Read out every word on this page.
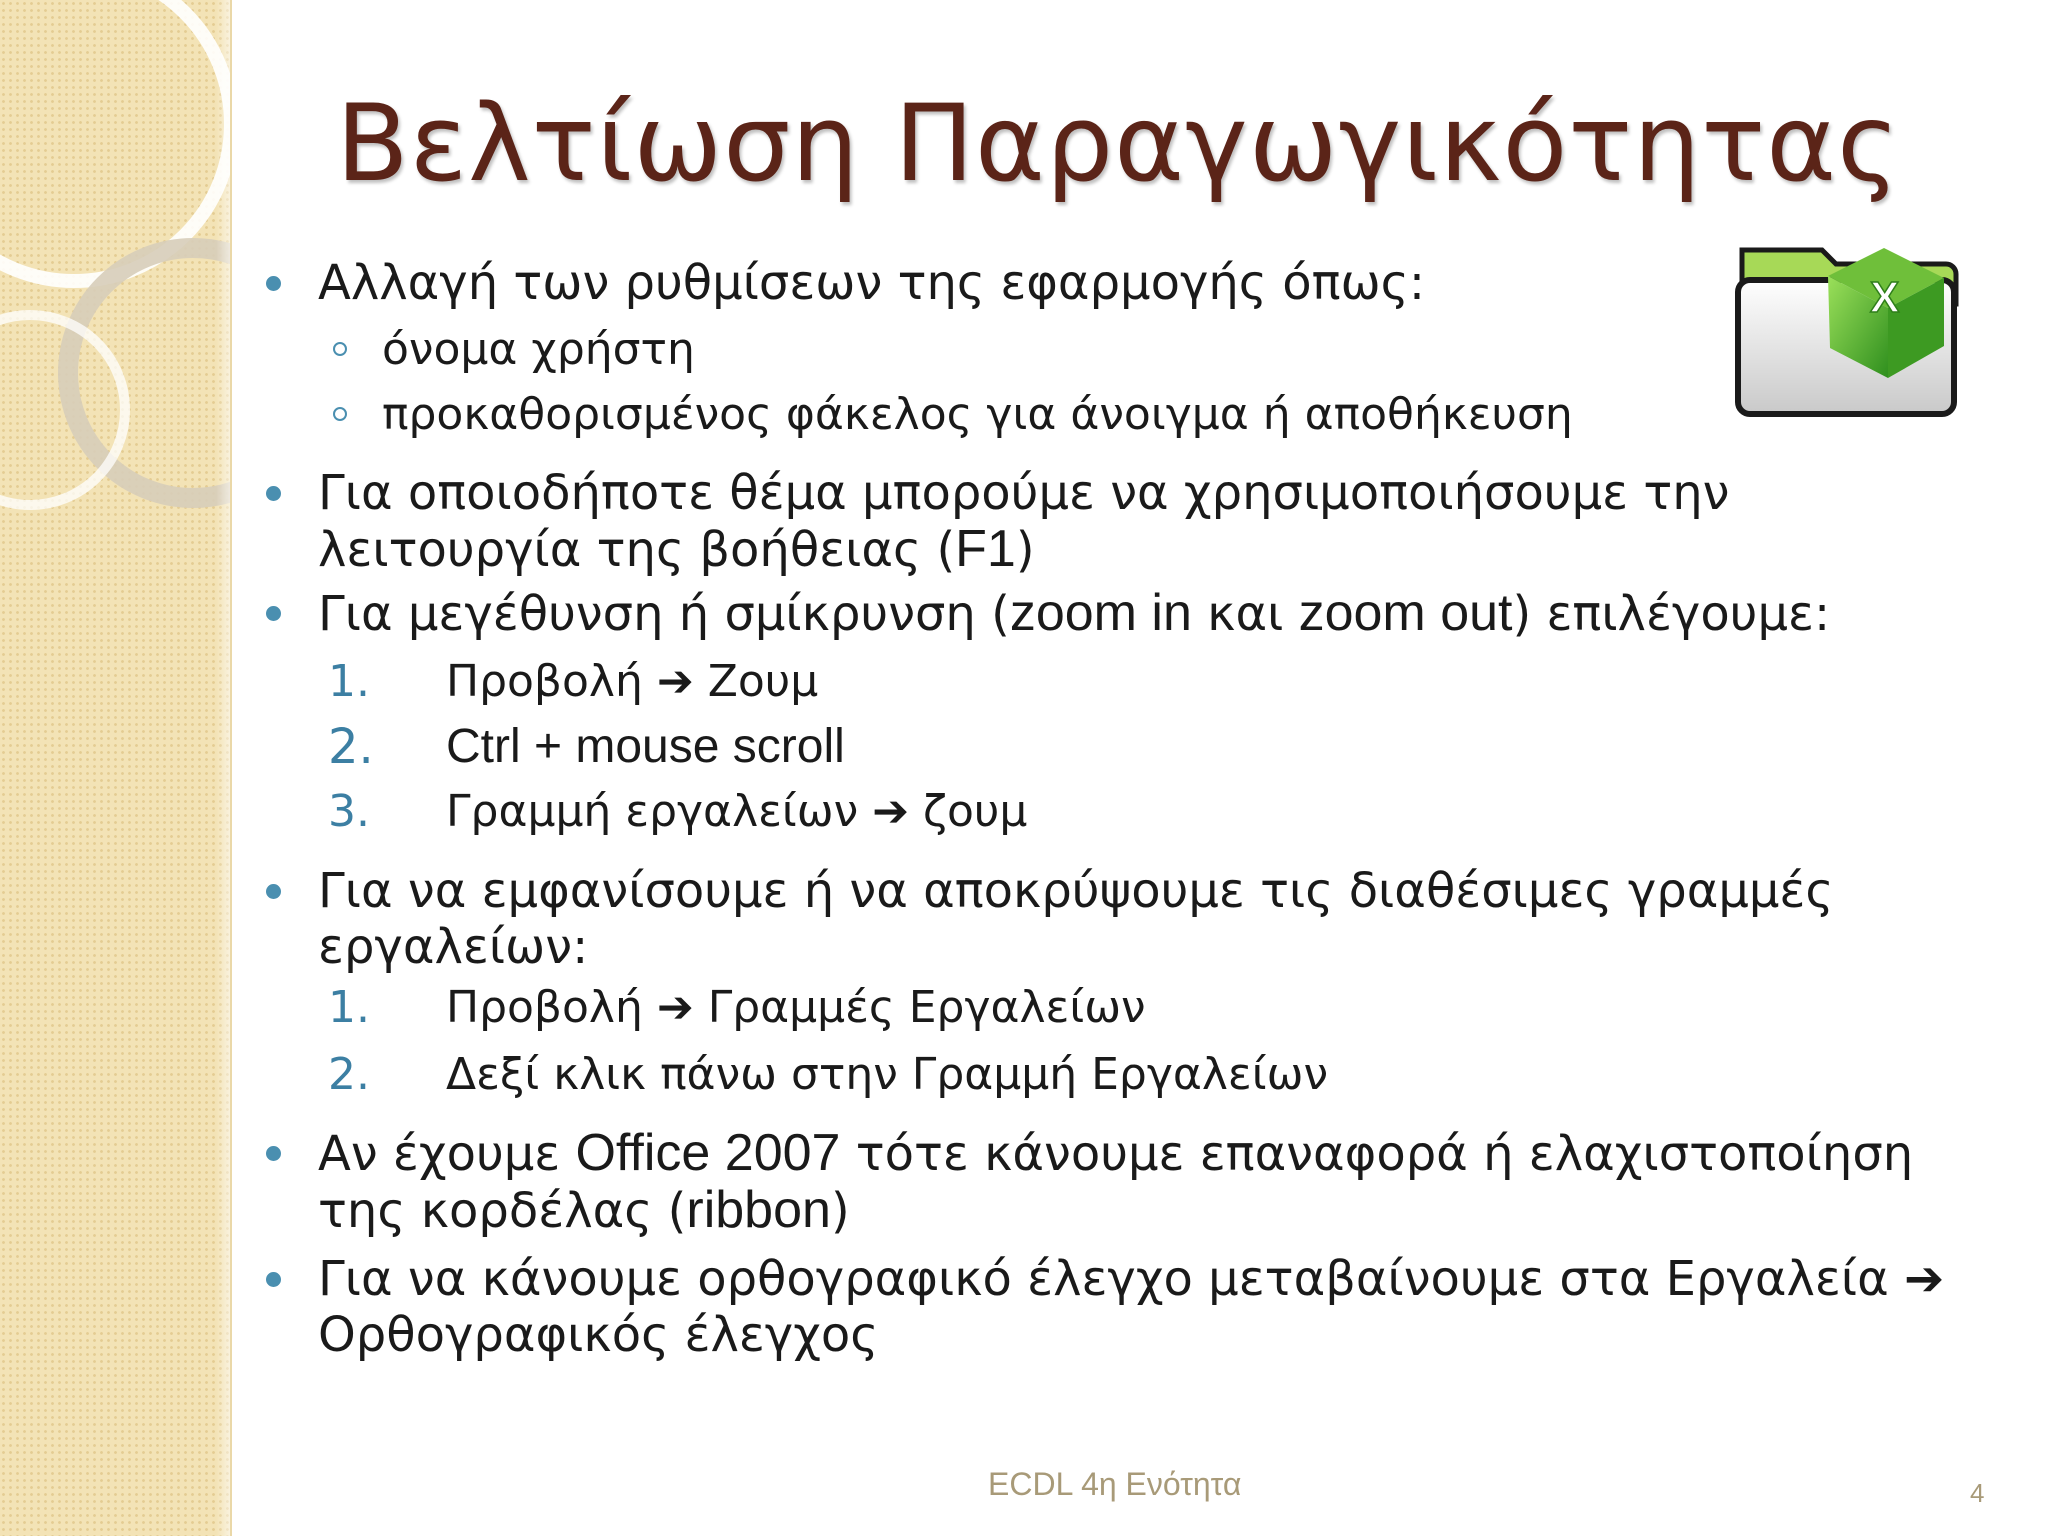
Βελτίωση Παραγωγικότητας
X
Αλλαγή των ρυθμίσεων της εφαρμογής όπως:
όνομα χρήστη
προκαθορισμένος φάκελος για άνοιγμα ή αποθήκευση
Για οποιοδήποτε θέμα μπορούμε να χρησιμοποιήσουμε την
λειτουργία της βοήθειας (F1)
Για μεγέθυνση ή σμίκρυνση (zoom in και zoom out) επιλέγουμε:
1. Προβολή ➔ Ζουμ
2. Ctrl + mouse scroll
3. Γραμμή εργαλείων ➔ ζουμ
Για να εμφανίσουμε ή να αποκρύψουμε τις διαθέσιμες γραμμές
εργαλείων:
1. Προβολή ➔ Γραμμές Εργαλείων
2. Δεξί κλικ πάνω στην Γραμμή Εργαλείων
Αν έχουμε Office 2007 τότε κάνουμε επαναφορά ή ελαχιστοποίηση
της κορδέλας (ribbon)
Για να κάνουμε ορθογραφικό έλεγχο μεταβαίνουμε στα Εργαλεία ➔
Ορθογραφικός έλεγχος
ECDL 4η Ενότητα	4
